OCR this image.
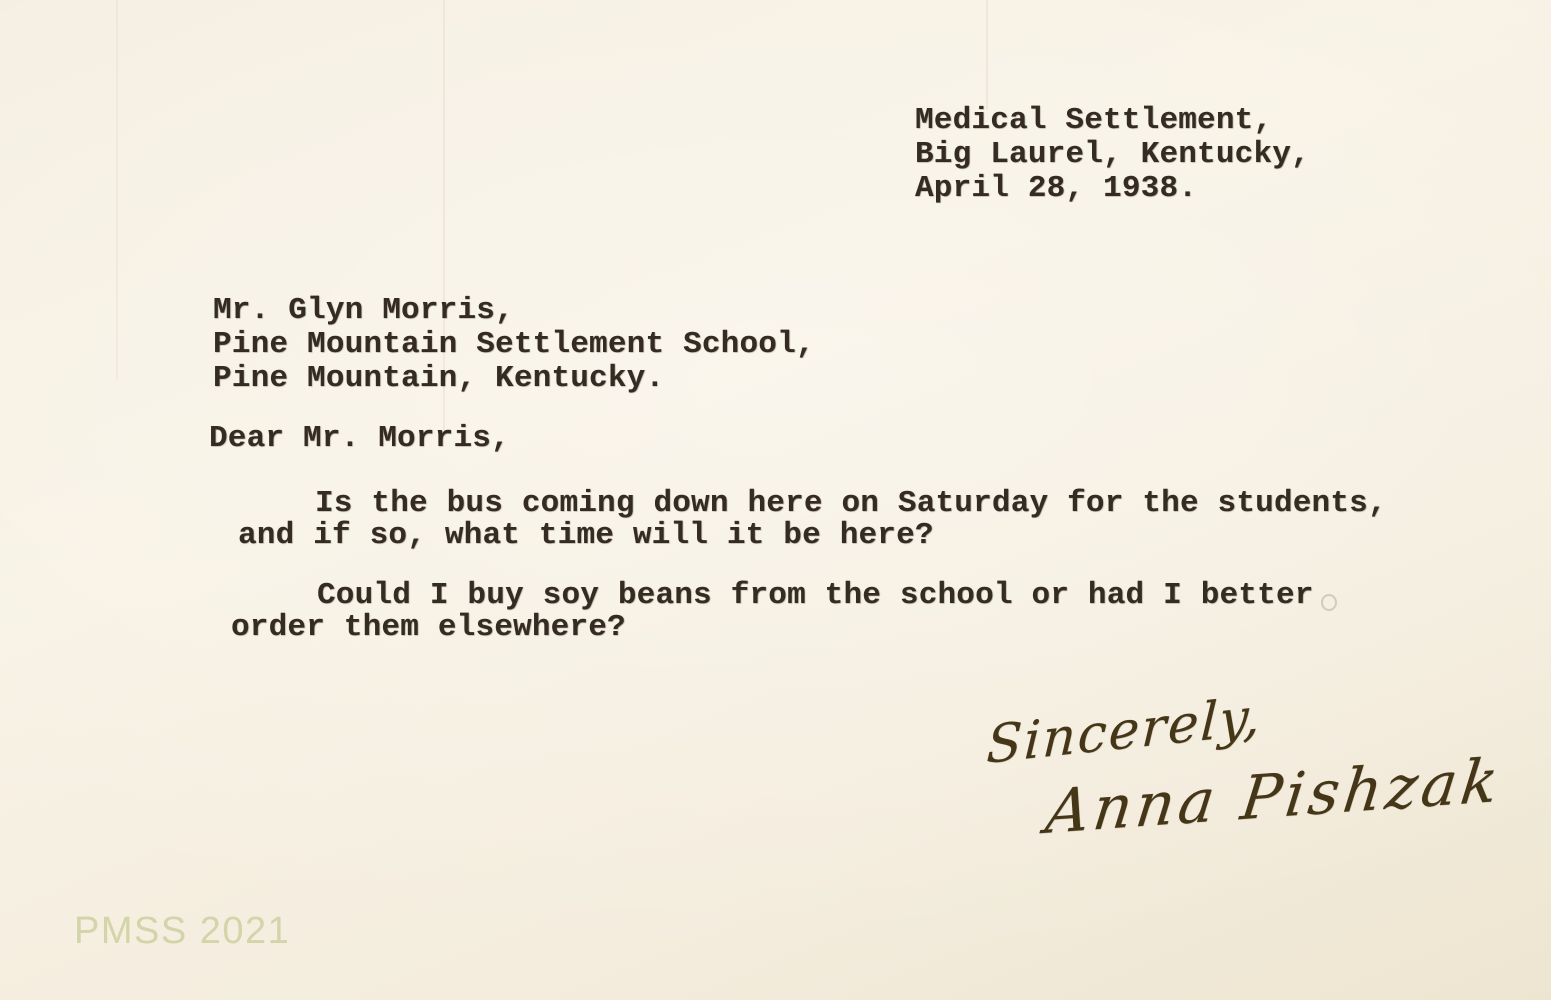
Medical Settlement,
Big Laurel, Kentucky,
April 28, 1938.
Mr. Glyn Morris,
Pine Mountain Settlement School,
Pine Mountain, Kentucky.
Dear Mr. Morris,
Is the bus coming down here on Saturday for the students,
and if so, what time will it be here?
Could I buy soy beans from the school or had I better
order them elsewhere?
Sincerely,
Anna Pishzak
PMSS 2021
